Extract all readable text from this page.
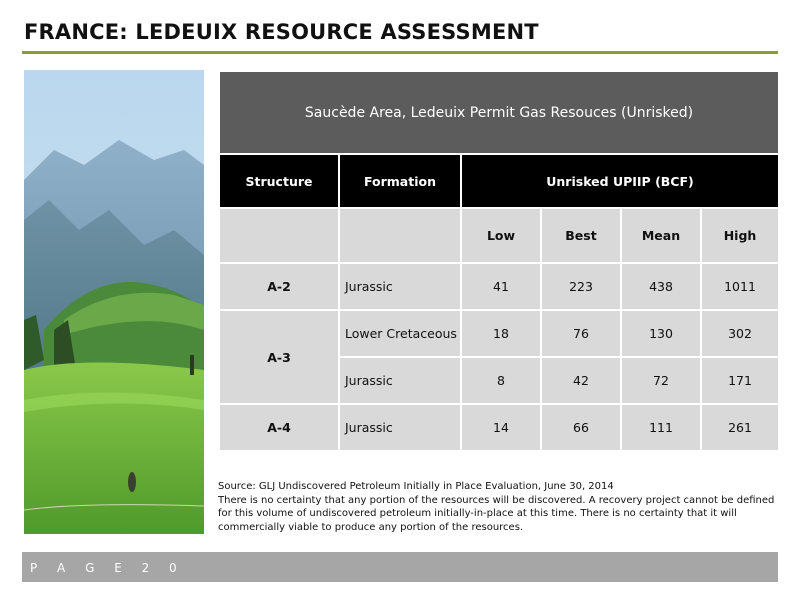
FRANCE: LEDEUIX RESOURCE ASSESSMENT
Saucède Area, Ledeuix Permit Gas Resouces (Unrisked)					
Structure	Formation	Unrisked UPIIP (BCF)			
		Low	Best	Mean	High
A-2	Jurassic	41	223	438	1011
A-3	Lower Cretaceous	18	76	130	302
	Jurassic	8	42	72	171
A-4	Jurassic	14	66	111	261

Source: GLJ Undiscovered Petroleum Initially in Place Evaluation, June 30, 2014

There is no certainty that any portion of the resources will be discovered. A recovery project cannot be defined for this volume of undiscovered petroleum initially-in-place at this time. There is no certainty that it will commercially viable to produce any portion of the resources.

P A G E 2 0
